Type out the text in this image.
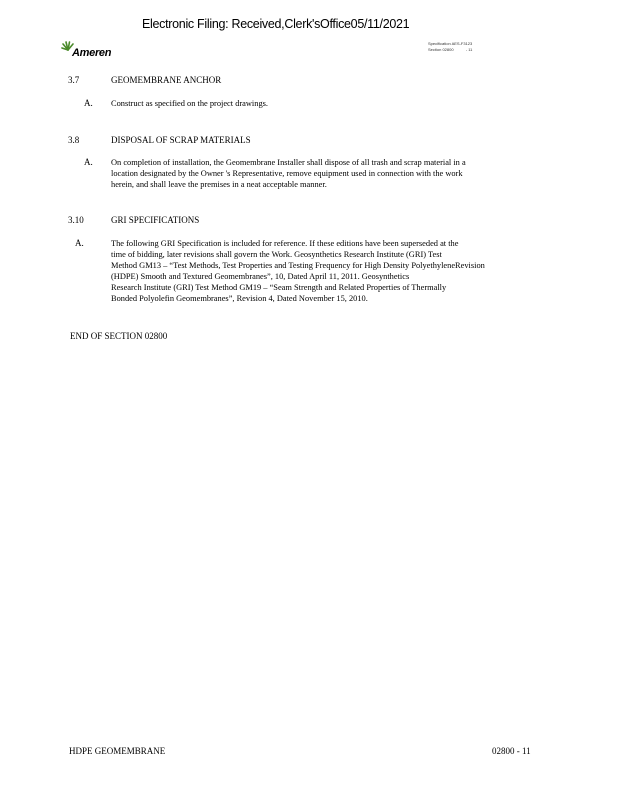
Electronic Filing: Received,Clerk'sOffice05/11/2021
Ameren
Specification AES-F3123
Section 02800	- 11
3.7	GEOMEMBRANE ANCHOR
A. Construct as specified on the project drawings.
3.8	DISPOSAL OF SCRAP MATERIALS
A. On completion of installation, the Geomembrane Installer shall dispose of all trash and scrap material in a
location designated by the Owner 's Representative, remove equipment used in connection with the work
herein, and shall leave the premises in a neat acceptable manner.
3.10	GRI SPECIFICATIONS
A.	The following GRI Specification is included for reference. If these editions have been superseded at the
time of bidding, later revisions shall govern the Work. Geosynthetics Research Institute (GRI) Test
Method GM13 – “Test Methods, Test Properties and Testing Frequency for High Density PolyethyleneRevision
(HDPE) Smooth and Textured Geomembranes”, 10, Dated April 11, 2011. Geosynthetics
Research Institute (GRI) Test Method GM19 – “Seam Strength and Related Properties of Thermally
Bonded Polyolefin Geomembranes”, Revision 4, Dated November 15, 2010.
END OF SECTION 02800
HDPE GEOMEMBRANE	02800 - 11
